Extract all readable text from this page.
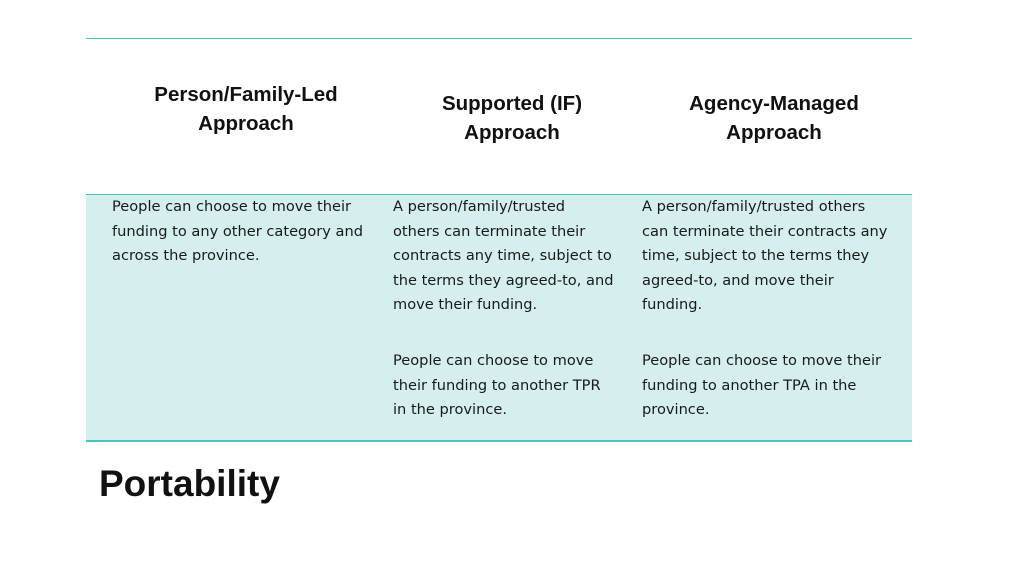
Person/Family-Led
Approach
Supported (IF)
Approach
Agency-Managed
Approach
People can choose to move their
funding to any other category and
across the province.
A person/family/trusted
others can terminate their
contracts any time, subject to
the terms they agreed-to, and
move their funding.
People can choose to move
their funding to another TPR
in the province.
A person/family/trusted others
can terminate their contracts any
time, subject to the terms they
agreed-to, and move their
funding.
People can choose to move their
funding to another TPA in the
province.
Portability
